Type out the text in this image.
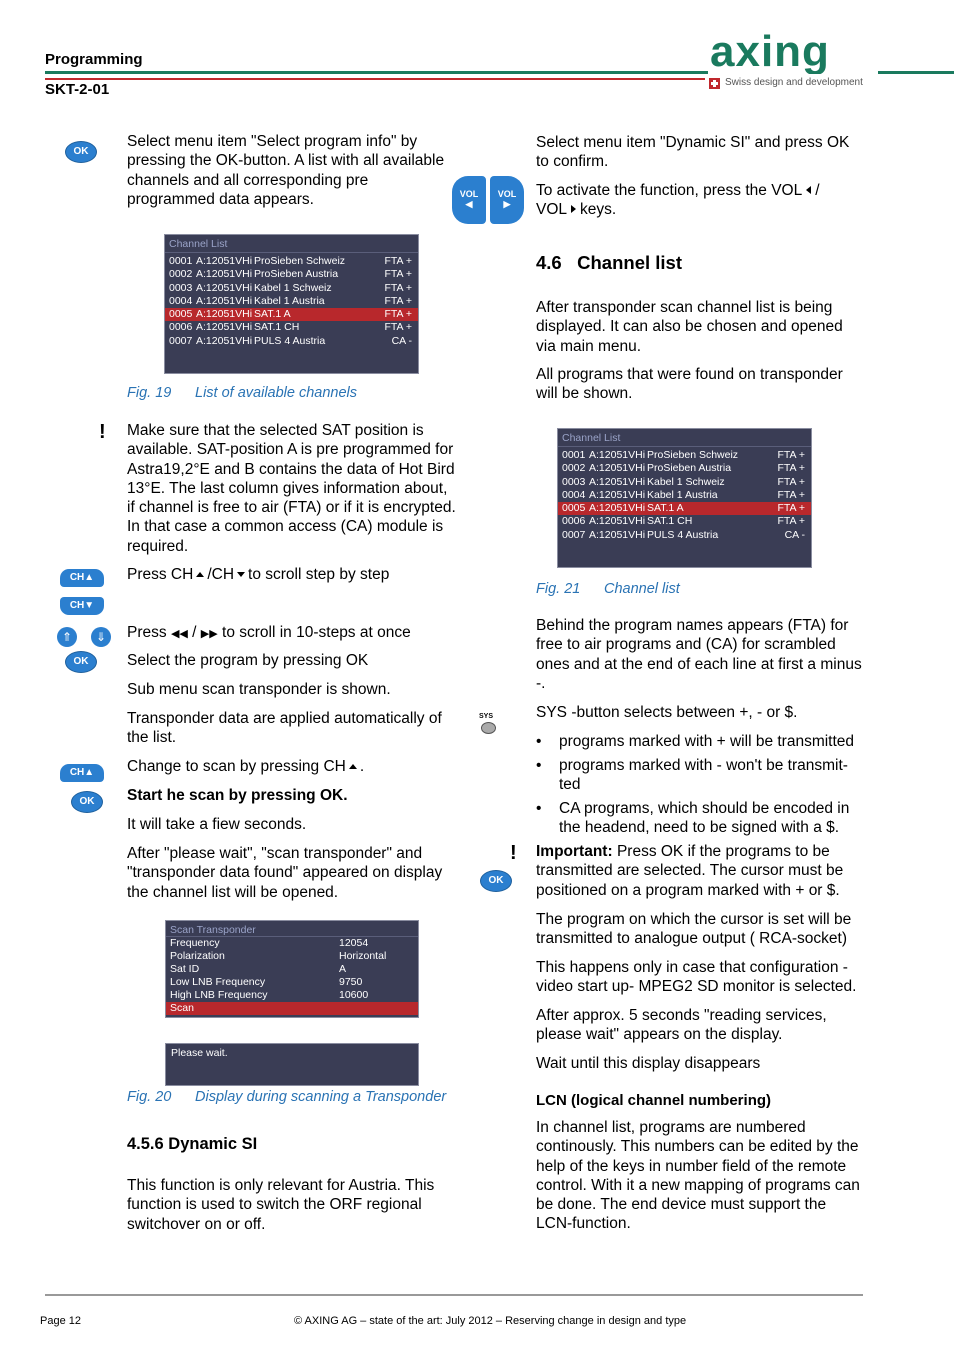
Programming
SKT-2-01
axing
Swiss design and development
OK
Select menu item "Select program info" by pressing the OK-button. A list with all available channels and all corresponding pre programmed data appears.
Channel List
0001 A:12051VHi ProSieben Schweiz	FTA +
0002 A:12051VHi ProSieben Austria	FTA +
0003 A:12051VHi Kabel 1 Schweiz	FTA +
0004 A:12051VHi Kabel 1 Austria	FTA +
0005 A:12051VHi SAT.1 A	FTA +
0006 A:12051VHi SAT.1 CH	FTA +
0007 A:12051VHi PULS 4 Austria	CA -
Fig. 19 List of available channels
! Make sure that the selected SAT position is available. SAT-position A is pre programmed for Astra19,2°E and B contains the data of Hot Bird 13°E. The last column gives information about, if channel is free to air (FTA) or if it is encrypted. In that case a common access (CA) module is required.
CH▲
CH▼
Press CH /CH to scroll step by step
⇑	⇓	Press ◀◀ / ▶▶ to scroll in 10-steps at once
OK	Select the program by pressing OK
Sub menu scan transponder is shown.
Transponder data are applied automatically of the list.
CH▲	Change to scan by pressing CH .
OK	Start he scan by pressing OK.
It will take a fiew seconds.
After "please wait", "scan transponder" and "transponder data found" appeared on display the channel list will be opened.
Scan Transponder
Frequency	12054
Polarization	Horizontal
Sat ID	A
Low LNB Frequency	9750
High LNB Frequency	10600
Scan
Please wait.
Fig. 20 Display during scanning a Transponder
4.5.6 Dynamic SI
This function is only relevant for Austria. This function is used to switch the ORF regional switchover on or off.
Select menu item "Dynamic SI" and press OK to confirm.
VOL
◀
VOL
▶
To activate the function, press the VOL /
VOL keys.
4.6   Channel list
After transponder scan channel list is being displayed. It can also be chosen and opened via main menu.
All programs that were found on transponder will be shown.
Channel List
0001 A:12051VHi ProSieben Schweiz	FTA +
0002 A:12051VHi ProSieben Austria	FTA +
0003 A:12051VHi Kabel 1 Schweiz	FTA +
0004 A:12051VHi Kabel 1 Austria	FTA +
0005 A:12051VHi SAT.1 A	FTA +
0006 A:12051VHi SAT.1 CH	FTA +
0007 A:12051VHi PULS 4 Austria	CA -
Fig. 21 Channel list
Behind the program names appears (FTA) for free to air programs and (CA) for scrambled ones and at the end of each line at first a minus -.
SYS	SYS -button selects between +, - or $.
• programs marked with + will be transmitted
• programs marked with - won't be transmit-ted
• CA programs, which should be encoded in the headend, need to be signed with a $.
!
OK
Important: Press OK if the programs to be transmitted are selected. The cursor must be positioned on a program marked with + or $.
The program on which the cursor is set will be transmitted to analogue output ( RCA-socket)
This happens only in case that configuration - video start up- MPEG2 SD monitor is selected.
After approx. 5 seconds "reading services, please wait" appears on the display.
Wait until this display disappears
LCN (logical channel numbering)
In channel list, programs are numbered continously. This numbers can be edited by the help of the keys in number field of the remote control. With it a new mapping of programs can be done. The end device must support the LCN-function.
Page 12	© AXING AG – state of the art: July 2012 – Reserving change in design and type
